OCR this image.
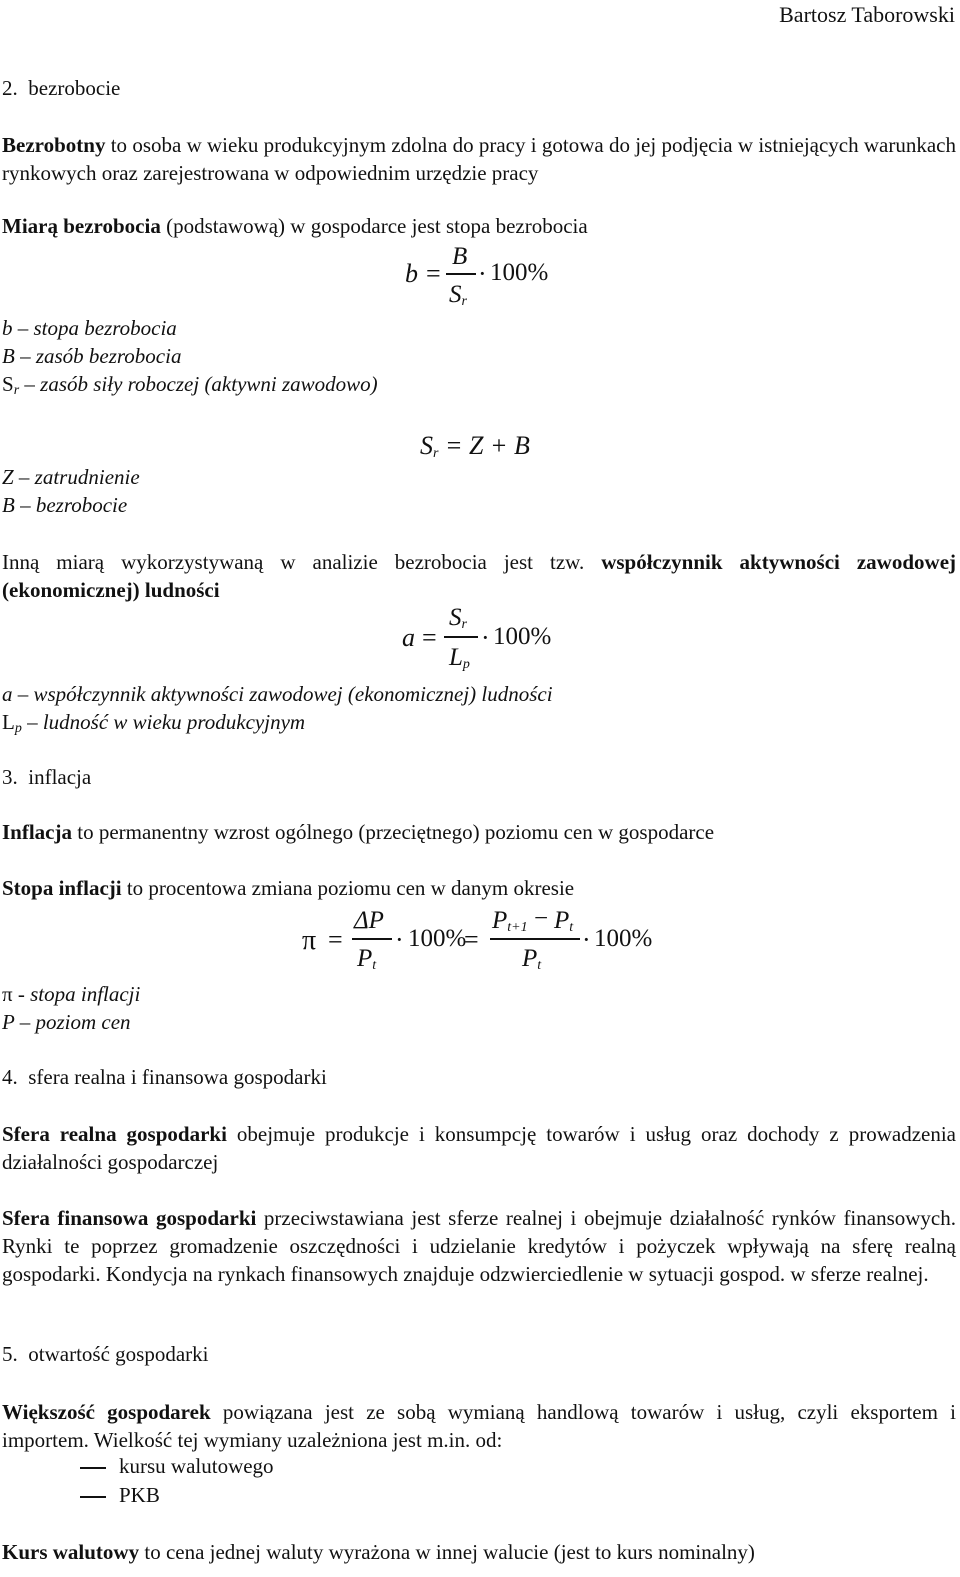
Bartosz Taborowski
2. bezrobocie
Bezrobotny to osoba w wieku produkcyjnym zdolna do pracy i gotowa do jej podjęcia w istniejących warunkach rynkowych oraz zarejestrowana w odpowiednim urzędzie pracy
Miarą bezrobocia (podstawową) w gospodarce jest stopa bezrobocia
b =
B
$S_r$
· 100%
b – stopa bezrobocia
B – zasób bezrobocia
$S_r$ – zasób siły roboczej (aktywni zawodowo)
$S_r = Z + B$
Z – zatrudnienie
B – bezrobocie
Inną miarą wykorzystywaną w analizie bezrobocia jest tzw. współczynnik aktywności zawodowej (ekonomicznej) ludności
a =
$S_r$
$L_p$
· 100%
a – współczynnik aktywności zawodowej (ekonomicznej) ludności
$L_p$ – ludność w wieku produkcyjnym
3. inflacja
Inflacja to permanentny wzrost ogólnego (przeciętnego) poziomu cen w gospodarce
Stopa inflacji to procentowa zmiana poziomu cen w danym okresie
π =
ΔP
$P_t$
· 100%
=
$P_{t+1} - P_t$
$P_t$
· 100%
π - stopa inflacji
P – poziom cen
4. sfera realna i finansowa gospodarki
Sfera realna gospodarki obejmuje produkcje i konsumpcję towarów i usług oraz dochody z prowadzenia działalności gospodarczej
Sfera finansowa gospodarki przeciwstawiana jest sferze realnej i obejmuje działalność rynków finansowych. Rynki te poprzez gromadzenie oszczędności i udzielanie kredytów i pożyczek wpływają na sferę realną gospodarki. Kondycja na rynkach finansowych znajduje odzwierciedlenie w sytuacji gospod. w sferze realnej.
5. otwartość gospodarki
Większość gospodarek powiązana jest ze sobą wymianą handlową towarów i usług, czyli eksportem i importem. Wielkość tej wymiany uzależniona jest m.in. od:
kursu walutowego
PKB
Kurs walutowy to cena jednej waluty wyrażona w innej walucie (jest to kurs nominalny)
